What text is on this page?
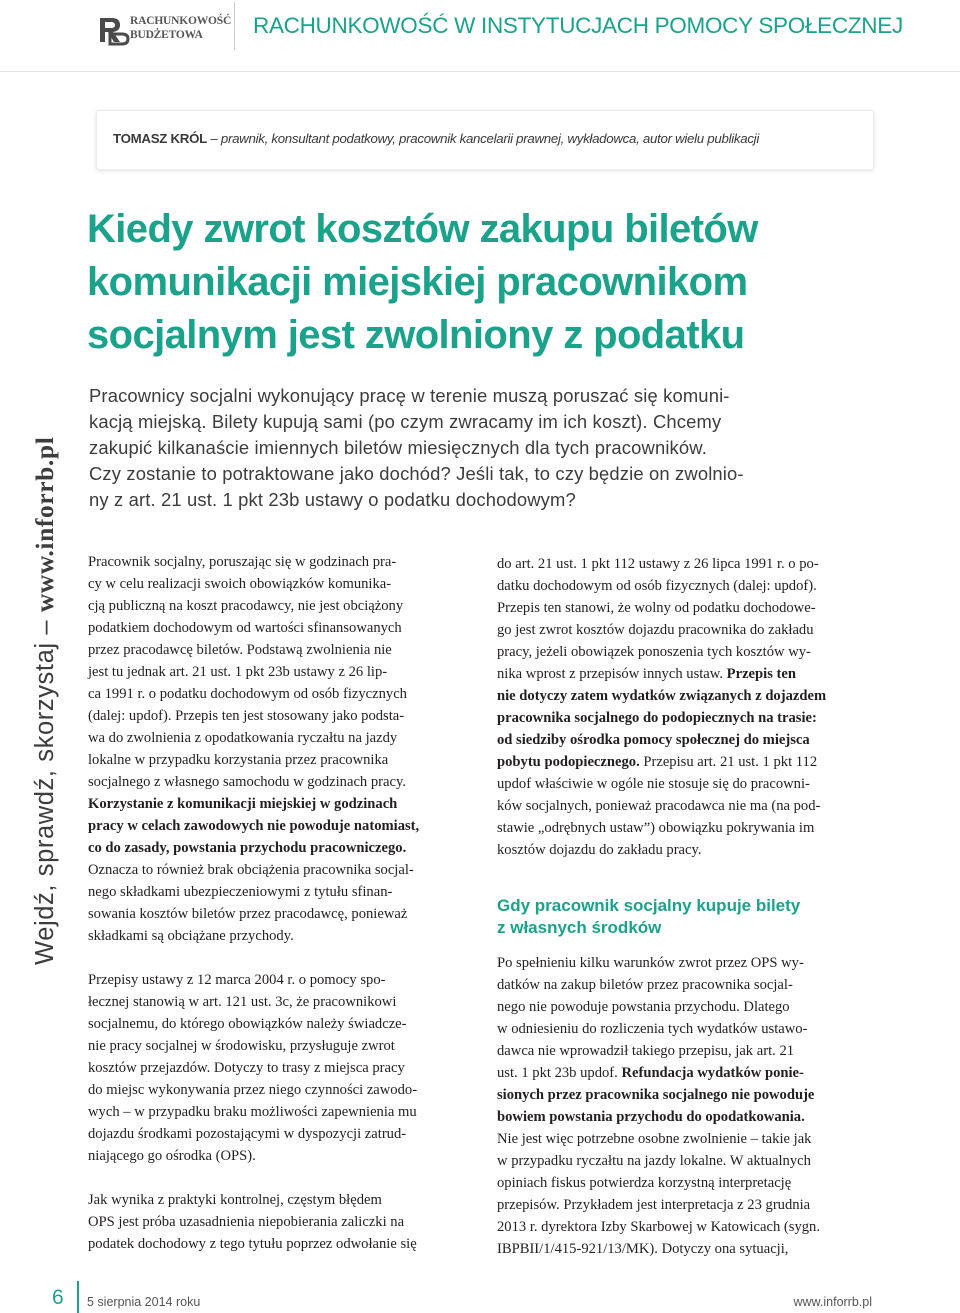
RACHUNKOWOŚĆ
BUDŻETOWA	RACHUNKOWOŚĆ W INSTYTUCJACH POMOCY SPOŁECZNEJ
TOMASZ KRÓL – prawnik, konsultant podatkowy, pracownik kancelarii prawnej, wykładowca, autor wielu publikacji
Kiedy zwrot kosztów zakupu biletów
komunikacji miejskiej pracownikom
socjalnym jest zwolniony z podatku
Wejdź, sprawdź, skorzystaj – www.inforrb.pl
Pracownicy socjalni wykonujący pracę w terenie muszą poruszać się komuni-
kacją miejską. Bilety kupują sami (po czym zwracamy im ich koszt). Chcemy
zakupić kilkanaście imiennych biletów miesięcznych dla tych pracowników.
Czy zostanie to potraktowane jako dochód? Jeśli tak, to czy będzie on zwolnio-
ny z art. 21 ust. 1 pkt 23b ustawy o podatku dochodowym?

Pracownik socjalny, poruszając się w godzinach pra-
cy w celu realizacji swoich obowiązków komunika-
cją publiczną na koszt pracodawcy, nie jest obciążony
podatkiem dochodowym od wartości sfinansowanych
przez pracodawcę biletów. Podstawą zwolnienia nie
jest tu jednak art. 21 ust. 1 pkt 23b ustawy z 26 lip-
ca 1991 r. o podatku dochodowym od osób fizycznych
(dalej: updof). Przepis ten jest stosowany jako podsta-
wa do zwolnienia z opodatkowania ryczałtu na jazdy
lokalne w przypadku korzystania przez pracownika
socjalnego z własnego samochodu w godzinach pracy.
Korzystanie z komunikacji miejskiej w godzinach
pracy w celach zawodowych nie powoduje natomiast,
co do zasady, powstania przychodu pracowniczego.
Oznacza to również brak obciążenia pracownika socjal-
nego składkami ubezpieczeniowymi z tytułu sfinan-
sowania kosztów biletów przez pracodawcę, ponieważ
składkami są obciążane przychody.

Przepisy ustawy z 12 marca 2004 r. o pomocy spo-
łecznej stanowią w art. 121 ust. 3c, że pracownikowi
socjalnemu, do którego obowiązków należy świadcze-
nie pracy socjalnej w środowisku, przysługuje zwrot
kosztów przejazdów. Dotyczy to trasy z miejsca pracy
do miejsc wykonywania przez niego czynności zawodo-
wych – w przypadku braku możliwości zapewnienia mu
dojazdu środkami pozostającymi w dyspozycji zatrud-
niającego go ośrodka (OPS).

Jak wynika z praktyki kontrolnej, częstym błędem
OPS jest próba uzasadnienia niepobierania zaliczki na
podatek dochodowy z tego tytułu poprzez odwołanie się

do art. 21 ust. 1 pkt 112 ustawy z 26 lipca 1991 r. o po-
datku dochodowym od osób fizycznych (dalej: updof).
Przepis ten stanowi, że wolny od podatku dochodowe-
go jest zwrot kosztów dojazdu pracownika do zakładu
pracy, jeżeli obowiązek ponoszenia tych kosztów wy-
nika wprost z przepisów innych ustaw. Przepis ten
nie dotyczy zatem wydatków związanych z dojazdem
pracownika socjalnego do podopiecznych na trasie:
od siedziby ośrodka pomocy społecznej do miejsca
pobytu podopiecznego. Przepisu art. 21 ust. 1 pkt 112
updof właściwie w ogóle nie stosuje się do pracowni-
ków socjalnych, ponieważ pracodawca nie ma (na pod-
stawie „odrębnych ustaw”) obowiązku pokrywania im
kosztów dojazdu do zakładu pracy.

Gdy pracownik socjalny kupuje bilety
z własnych środków

Po spełnieniu kilku warunków zwrot przez OPS wy-
datków na zakup biletów przez pracownika socjal-
nego nie powoduje powstania przychodu. Dlatego
w odniesieniu do rozliczenia tych wydatków ustawo-
dawca nie wprowadził takiego przepisu, jak art. 21
ust. 1 pkt 23b updof. Refundacja wydatków ponie-
sionych przez pracownika socjalnego nie powoduje
bowiem powstania przychodu do opodatkowania.
Nie jest więc potrzebne osobne zwolnienie – takie jak
w przypadku ryczałtu na jazdy lokalne. W aktualnych
opiniach fiskus potwierdza korzystną interpretację
przepisów. Przykładem jest interpretacja z 23 grudnia
2013 r. dyrektora Izby Skarbowej w Katowicach (sygn.
IBPBII/1/415-921/13/MK). Dotyczy ona sytuacji,

6 5 sierpnia 2014 roku	www.inforrb.pl
